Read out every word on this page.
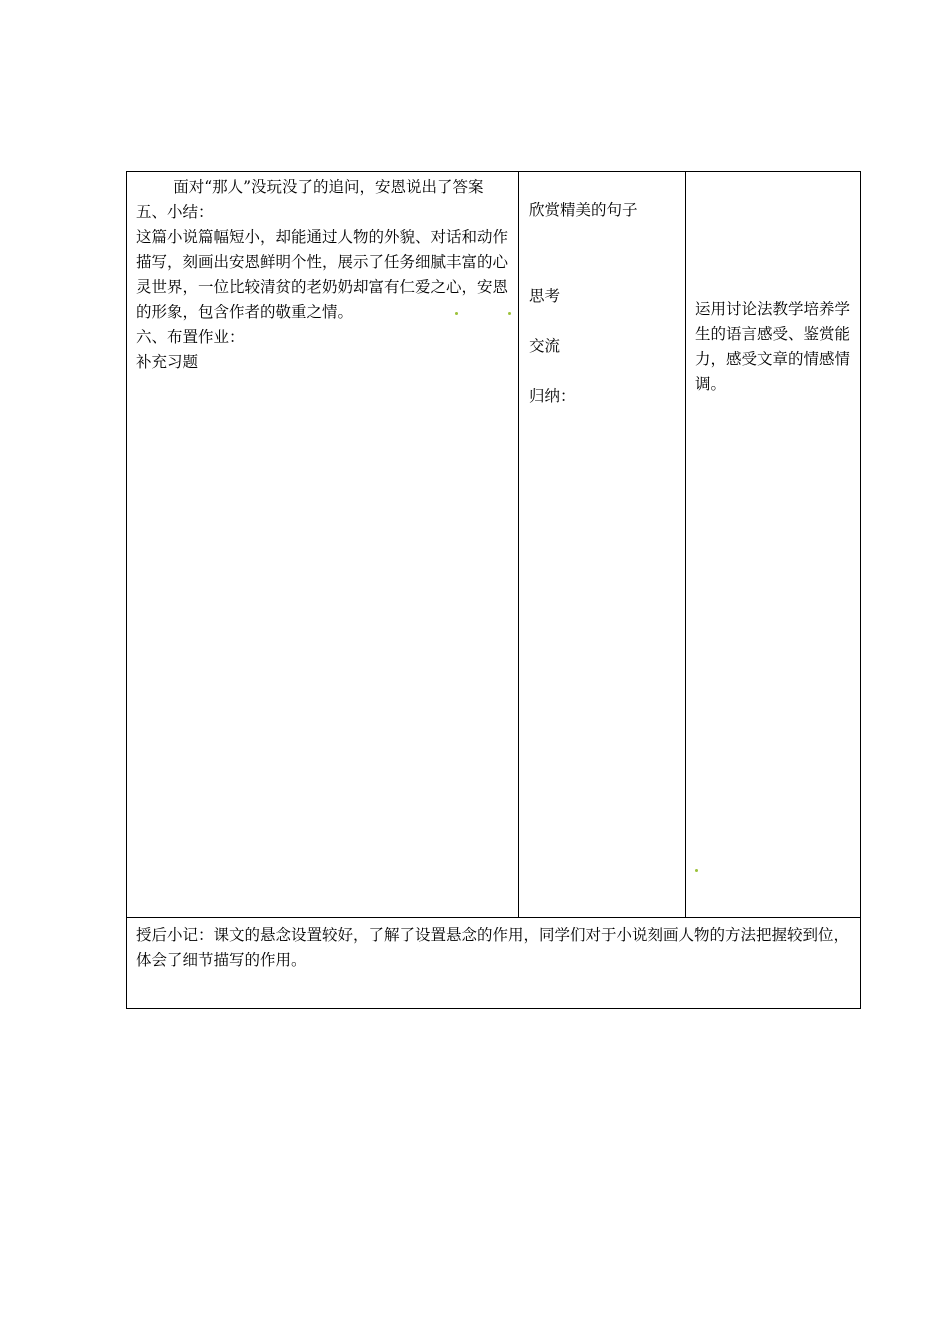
面对“那人”没玩没了的追问，安恩说出了答案

五、小结：

这篇小说篇幅短小，却能通过人物的外貌、对话和动作描写，刻画出安恩鲜明个性，展示了任务细腻丰富的心灵世界，一位比较清贫的老奶奶却富有仁爱之心，安恩的形象，包含作者的敬重之情。

六、布置作业：

补充习题

欣赏精美的句子
思考
交流
归纳：
运用讨论法教学培养学生的语言感受、鉴赏能力，感受文章的情感情调。

授后小记：课文的悬念设置较好，了解了设置悬念的作用，同学们对于小说刻画人物的方法把握较到位，体会了细节描写的作用。
